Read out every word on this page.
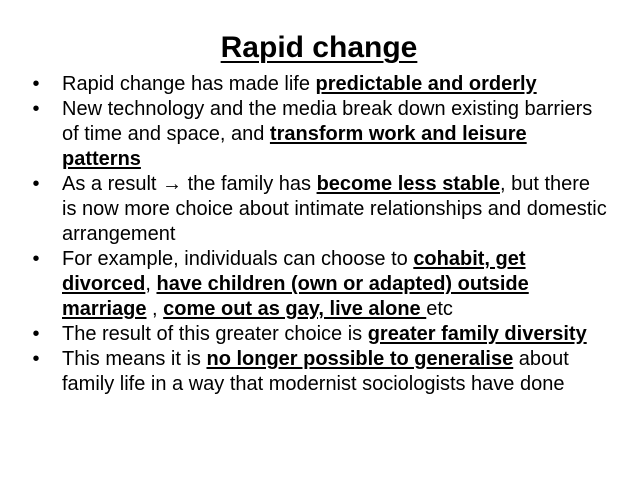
Rapid change
• Rapid change has made life predictable and orderly
• New technology and the media break down existing barriers of time and space, and transform work and leisure patterns
• As a result → the family has become less stable, but there is now more choice about intimate relationships and domestic arrangement
• For example, individuals can choose to cohabit, get divorced, have children (own or adapted) outside marriage , come out as gay, live alone etc
• The result of this greater choice is greater family diversity
• This means it is no longer possible to generalise about family life in a way that modernist sociologists have done
